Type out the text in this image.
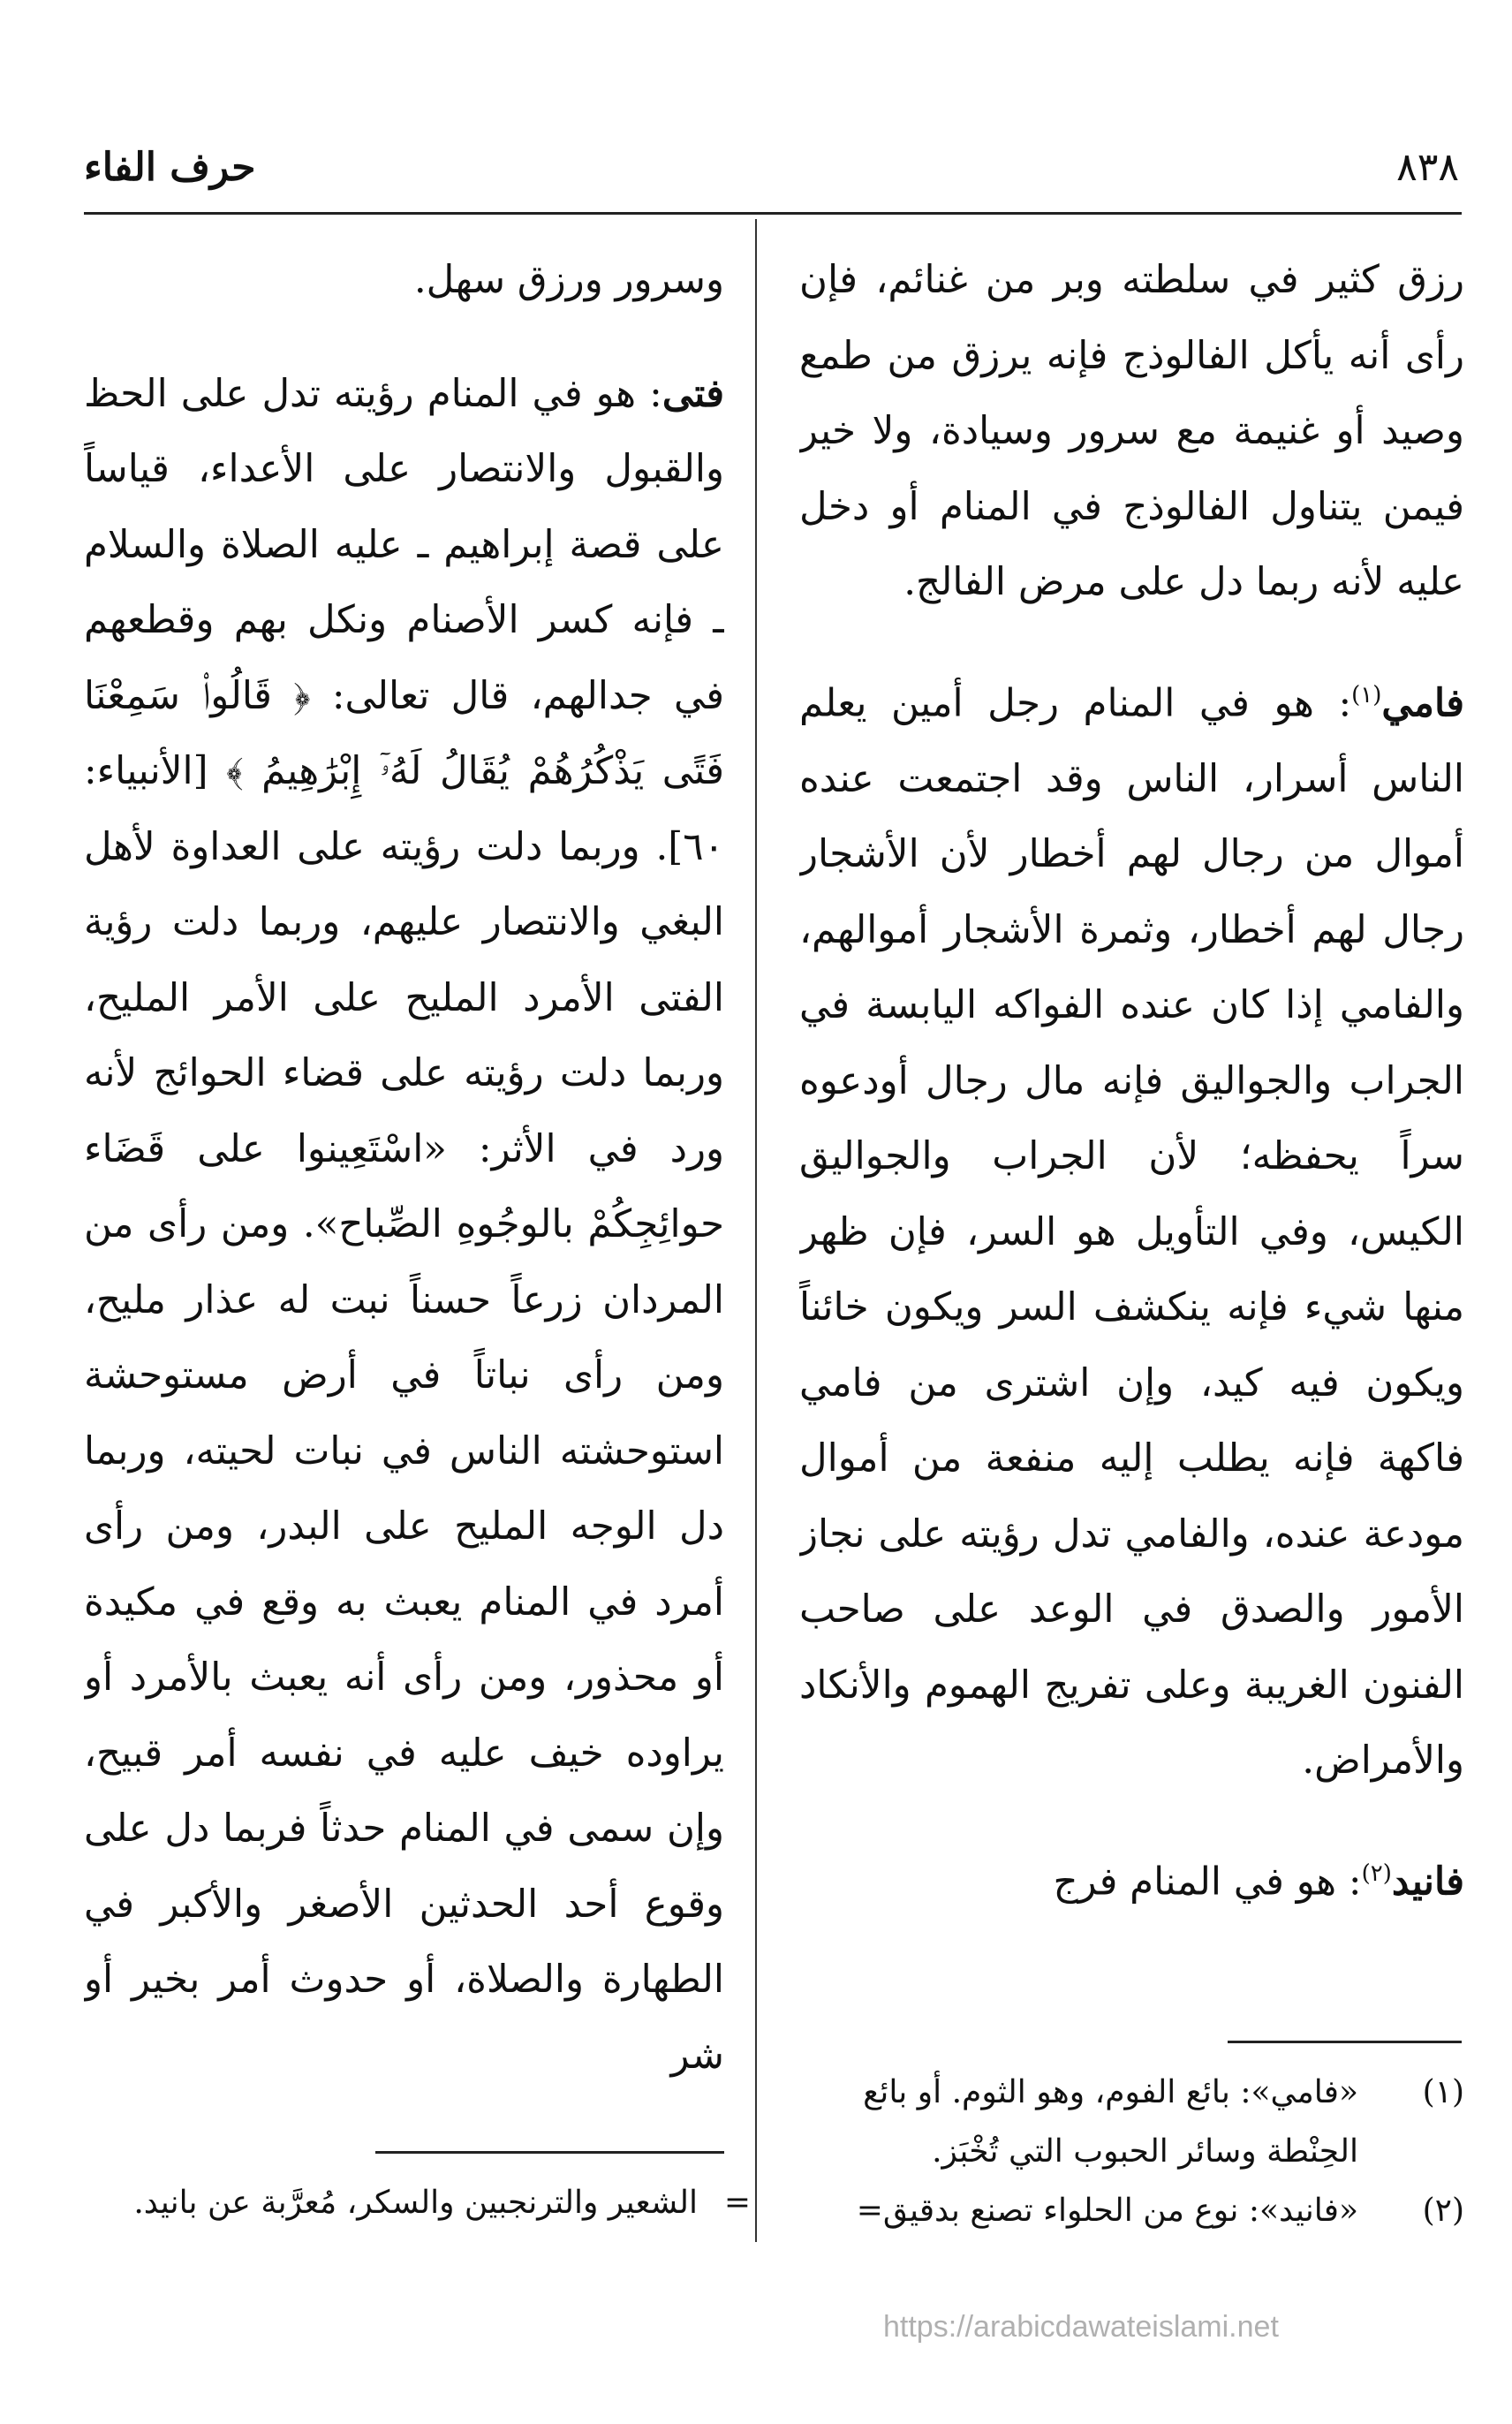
٨٣٨
حرف الفاء

رزق كثير في سلطته وبر من غنائم، فإن رأى أنه يأكل الفالوذج فإنه يرزق من طمع وصيد أو غنيمة مع سرور وسيادة، ولا خير فيمن يتناول الفالوذج في المنام أو دخل عليه لأنه ربما دل على مرض الفالج.

فامي$^{(١)}$: هو في المنام رجل أمين يعلم الناس أسرار، الناس وقد اجتمعت عنده أموال من رجال لهم أخطار لأن الأشجار رجال لهم أخطار، وثمرة الأشجار أموالهم، والفامي إذا كان عنده الفواكه اليابسة في الجراب والجواليق فإنه مال رجال أودعوه سراً يحفظه؛ لأن الجراب والجواليق الكيس، وفي التأويل هو السر، فإن ظهر منها شيء فإنه ينكشف السر ويكون خائناً ويكون فيه كيد، وإن اشترى من فامي فاكهة فإنه يطلب إليه منفعة من أموال مودعة عنده، والفامي تدل رؤيته على نجاز الأمور والصدق في الوعد على صاحب الفنون الغريبة وعلى تفريج الهموم والأنكاد والأمراض.

فانيد$^{(٢)}$: هو في المنام فرج

وسرور ورزق سهل.

فتى: هو في المنام رؤيته تدل على الحظ والقبول والانتصار على الأعداء، قياساً على قصة إبراهيم ـ عليه الصلاة والسلام ـ فإنه كسر الأصنام ونكل بهم وقطعهم في جدالهم، قال تعالى: ﴿ قَالُوا۟ سَمِعْنَا فَتًى يَذْكُرُهُمْ يُقَالُ لَهُۥٓ إِبْرَٰهِيمُ ﴾ [الأنبياء: ٦٠]. وربما دلت رؤيته على العداوة لأهل البغي والانتصار عليهم، وربما دلت رؤية الفتى الأمرد المليح على الأمر المليح، وربما دلت رؤيته على قضاء الحوائج لأنه ورد في الأثر: «اسْتَعِينوا على قَضَاء حوائِجِكُمْ بالوجُوهِ الصِّباح». ومن رأى من المردان زرعاً حسناً نبت له عذار مليح، ومن رأى نباتاً في أرض مستوحشة استوحشته الناس في نبات لحيته، وربما دل الوجه المليح على البدر، ومن رأى أمرد في المنام يعبث به وقع في مكيدة أو محذور، ومن رأى أنه يعبث بالأمرد أو يراوده خيف عليه في نفسه أمر قبيح، وإن سمى في المنام حدثاً فربما دل على وقوع أحد الحدثين الأصغر والأكبر في الطهارة والصلاة، أو حدوث أمر بخير أو شر

(١)
«فامي»: بائع الفوم، وهو الثوم. أو بائع الحِنْطة وسائر الحبوب التي تُخْبَز.
(٢)
«فانيد»: نوع من الحلواء تصنع بدقيق=
=
الشعير والترنجبين والسكر، مُعرَّبة عن بانيد.
https://arabicdawateislami.net
